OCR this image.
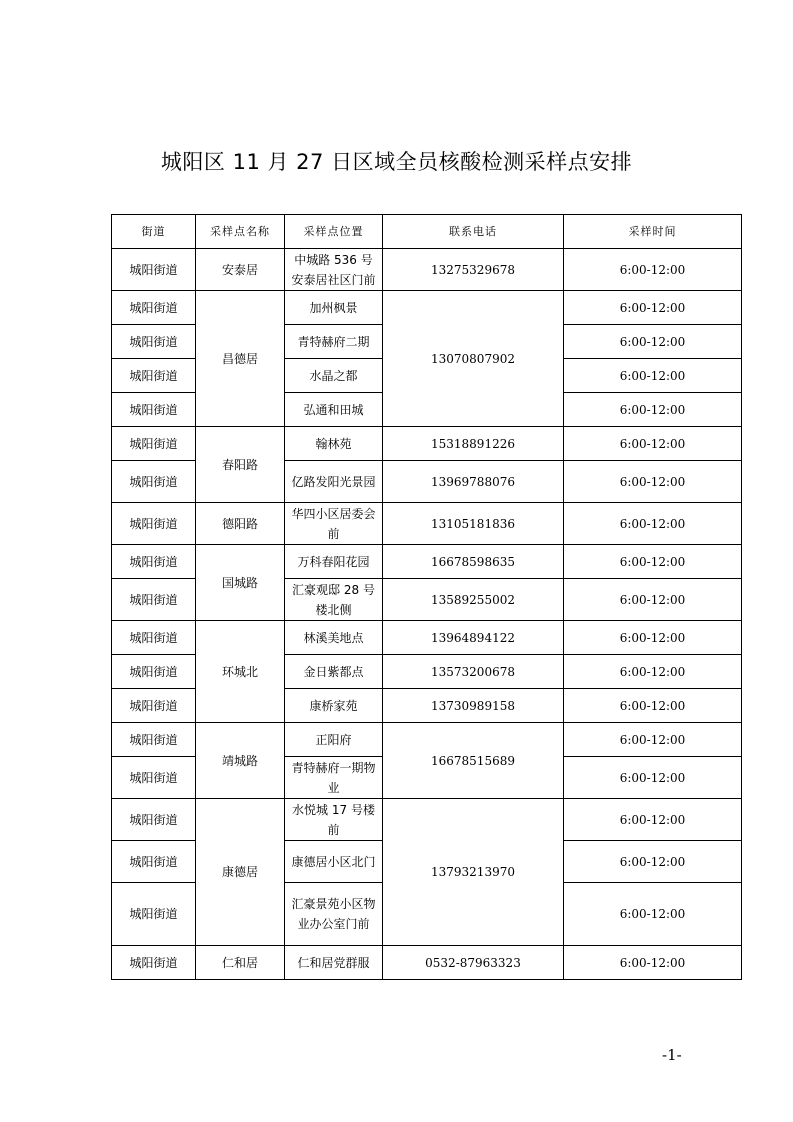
城阳区 11 月 27 日区域全员核酸检测采样点安排
街道	采样点名称	采样点位置	联系电话	采样时间
城阳街道	安泰居	中城路 536 号安泰居社区门前	13275329678	6:00-12:00
城阳街道	昌德居	加州枫景	13070807902	6:00-12:00
城阳街道		青特赫府二期		6:00-12:00
城阳街道		水晶之都		6:00-12:00
城阳街道		弘通和田城		6:00-12:00
城阳街道	春阳路	翰林苑	15318891226	6:00-12:00
城阳街道		亿路发阳光景园	13969788076	6:00-12:00
城阳街道	德阳路	华四小区居委会前	13105181836	6:00-12:00
城阳街道	国城路	万科春阳花园	16678598635	6:00-12:00
城阳街道		汇豪观邸 28 号楼北侧	13589255002	6:00-12:00
城阳街道	环城北	林溪美地点	13964894122	6:00-12:00
城阳街道		金日紫都点	13573200678	6:00-12:00
城阳街道		康桥家苑	13730989158	6:00-12:00
城阳街道	靖城路	正阳府	16678515689	6:00-12:00
城阳街道		青特赫府一期物业		6:00-12:00
城阳街道	康德居	水悦城 17 号楼前	13793213970	6:00-12:00
城阳街道		康德居小区北门		6:00-12:00
城阳街道		汇豪景苑小区物业办公室门前		6:00-12:00
城阳街道	仁和居	仁和居党群服	0532-87963323	6:00-12:00
-1-
